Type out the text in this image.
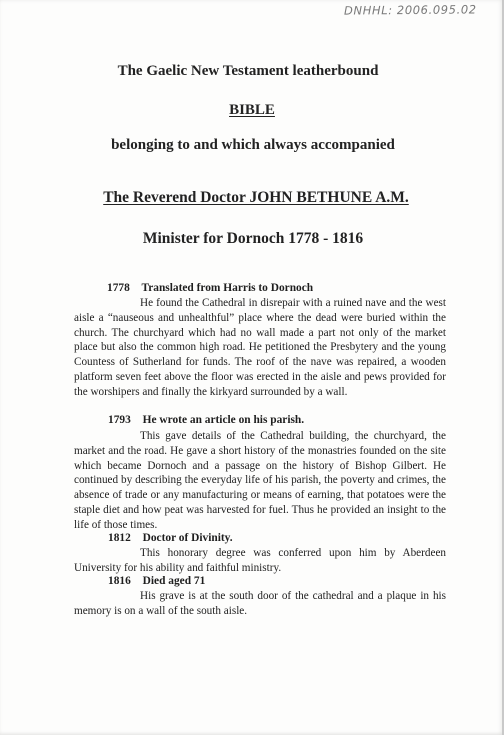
DNHHL: 2006.095.02
The Gaelic New Testament leatherbound
BIBLE
belonging to and which always accompanied
The Reverend Doctor JOHN BETHUNE A.M.
Minister for Dornoch 1778 - 1816
1778 Translated from Harris to Dornoch

He found the Cathedral in disrepair with a ruined nave and the west aisle a “nauseous and unhealthful” place where the dead were buried within the church. The churchyard which had no wall made a part not only of the market place but also the common high road. He petitioned the Presbytery and the young Countess of Sutherland for funds. The roof of the nave was repaired, a wooden platform seven feet above the floor was erected in the aisle and pews provided for the worshipers and finally the kirkyard surrounded by a wall.

1793 He wrote an article on his parish.

This gave details of the Cathedral building, the churchyard, the market and the road. He gave a short history of the monastries founded on the site which became Dornoch and a passage on the history of Bishop Gilbert. He continued by describing the everyday life of his parish, the poverty and crimes, the absence of trade or any manufacturing or means of earning, that potatoes were the staple diet and how peat was harvested for fuel. Thus he provided an insight to the life of those times.

1812 Doctor of Divinity.

This honorary degree was conferred upon him by Aberdeen University for his ability and faithful ministry.

1816 Died aged 71

His grave is at the south door of the cathedral and a plaque in his memory is on a wall of the south aisle.
